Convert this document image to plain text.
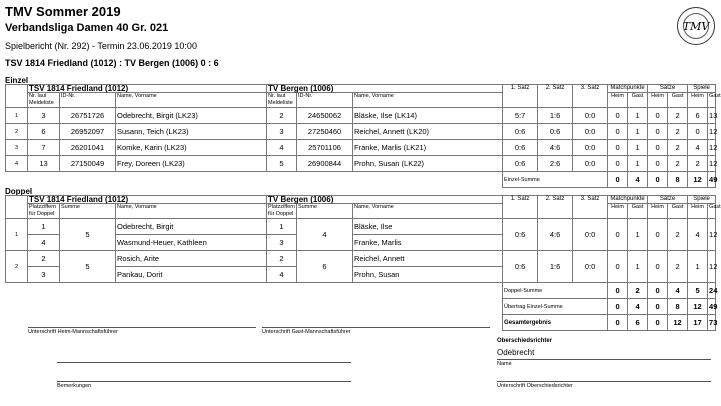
TMV Sommer 2019
Verbandsliga Damen 40 Gr. 021
Spielbericht (Nr. 292) - Termin 23.06.2019 10:00
TSV 1814 Friedland (1012) : TV Bergen (1006) 0 : 6
TMV
Einzel

	TSV 1814 Friedland (1012)			TV Bergen (1006)			1. Satz	2. Satz	3. Satz	Matchpunkte		Sätze		Spiele	
	Nr. laut Meldeliste	ID-Nr.	Name, Vorname	Nr. laut Meldeliste	ID-Nr.	Name, Vorname				Heim	Gast	Heim	Gast	Heim	Gast
1	3	26751726	Odebrecht, Birgit (LK23)	2	24650062	Bläske, Ilse (LK14)	5:7	1:6	0:0	0	1	0	2	6	13
2	6	26952097	Susann, Teich (LK23)	3	27250460	Reichel, Annett (LK20)	0:6	0:6	0:0	0	1	0	2	0	12
3	7	26201041	Komke, Karin (LK23)	4	25701106	Franke, Marlis (LK21)	0:6	4:6	0:0	0	1	0	2	4	12
4	13	27150049	Frey, Doreen (LK23)	5	26900844	Prohn, Susan (LK22)	0:6	2:6	0:0	0	1	0	2	2	12
							Einzel-Summe			0	4	0	8	12	49
Doppel

	TSV 1814 Friedland (1012)			TV Bergen (1006)			1. Satz	2. Satz	3. Satz	Matchpunkte		Sätze		Spiele	
	Platzziffern für Doppel	Summe	Name, Vorname	Platzziffern für Doppel	Summe	Name, Vorname				Heim	Gast	Heim	Gast	Heim	Gast
1	1	5	Odebrecht, Birgit	1	4	Bläske, Ilse	0:6	4:6	0:0	0	1	0	2	4	12
	4		Wasmund-Heuer, Kathleen	3		Franke, Marlis									
2	2	5	Rosich, Arite	2	6	Reichel, Annett	0:6	1:6	0:0	0	1	0	2	1	12
	3		Pankau, Dorit	4		Prohn, Susan									
							Doppel-Summe			0	2	0	4	5	24
							Übertrag Einzel-Summe			0	4	0	8	12	49
							Gesamtergebnis			0	6	0	12	17	73
Unterschrift Heim-Mannschaftsführer	Unterschrift Gast-Mannschaftsführer
Oberschiedsrichter
Odebrecht
Name
Bemerkungen	Unterschrift Oberschiedsrichter
